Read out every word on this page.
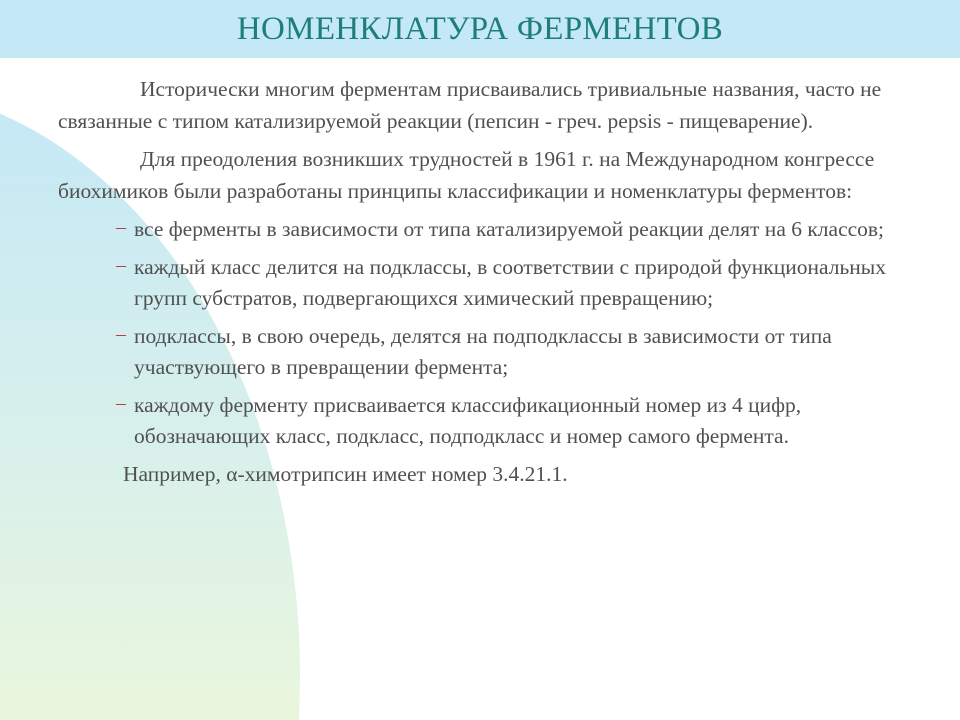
НОМЕНКЛАТУРА ФЕРМЕНТОВ

Исторически многим ферментам присваивались тривиальные названия, часто не связанные с типом катализируемой реакции (пепсин - греч. pepsis - пищеварение).

Для преодоления возникших трудностей в 1961 г. на Международном конгрессе биохимиков были разработаны принципы классификации и номенклатуры ферментов:

– все ферменты в зависимости от типа катализируемой реакции делят на 6 классов;
– каждый класс делится на подклассы, в соответствии с природой функциональных групп субстратов, подвергающихся химический превращению;
– подклассы, в свою очередь, делятся на подподклассы в зависимости от типа участвующего в превращении фермента;
– каждому ферменту присваивается классификационный номер из 4 цифр, обозначающих класс, подкласс, подподкласс и номер самого фермента.

Например, α-химотрипсин имеет номер 3.4.21.1.
